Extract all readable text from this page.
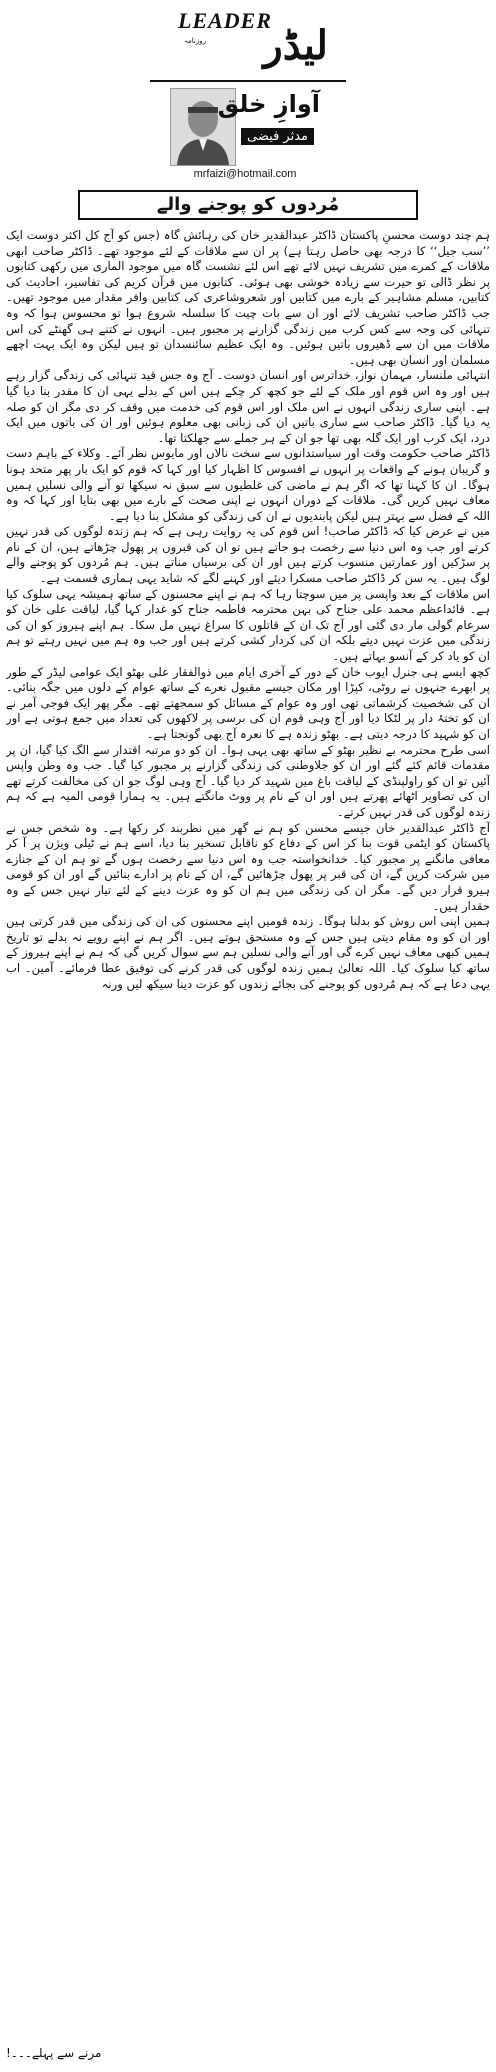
LEADER
روزنامہ	لیڈر
آوازِ خلق
مدثر فیضی
mrfaizi@hotmail.com
مُردوں کو پوجنے والے

ہم چند دوست محسنِ پاکستان ڈاکٹر عبدالقدیر خان کی رہائش گاہ (جس کو آج کل اکثر دوست ایک ’’سب جیل‘‘ کا درجہ بھی حاصل رہتا ہے) پر ان سے ملاقات کے لئے موجود تھے۔ ڈاکٹر صاحب ابھی ملاقات کے کمرے میں تشریف نہیں لائے تھے اس لئے نشست گاہ میں موجود الماری میں رکھی کتابوں پر نظر ڈالی تو حیرت سے زیادہ خوشی بھی ہوئی۔ کتابوں میں قرآن کریم کی تفاسیر، احادیث کی کتابیں، مسلم مشاہیر کے بارے میں کتابیں اور شعروشاعری کی کتابیں وافر مقدار میں موجود تھیں۔ جب ڈاکٹر صاحب تشریف لائے اور ان سے بات چیت کا سلسلہ شروع ہوا تو محسوس ہوا کہ وہ تنہائی کی وجہ سے کس کرب میں زندگی گزارنے پر مجبور ہیں۔ انہوں نے کتنے ہی گھنٹے کی اس ملاقات میں ان سے ڈھیروں باتیں ہوئیں۔ وہ ایک عظیم سائنسدان تو ہیں لیکن وہ ایک بہت اچھے مسلمان اور انسان بھی ہیں۔

انتہائی ملنسار، مہمان نواز، خداترس اور انسان دوست۔ آج وہ جس قید تنہائی کی زندگی گزار رہے ہیں اور وہ اس قوم اور ملک کے لئے جو کچھ کر چکے ہیں اس کے بدلے یہی ان کا مقدر بنا دیا گیا ہے۔ اپنی ساری زندگی انہوں نے اس ملک اور اس قوم کی خدمت میں وقف کر دی مگر ان کو صلہ یہ دیا گیا۔ ڈاکٹر صاحب سے ساری باتیں ان کی زبانی بھی معلوم ہوئیں اور ان کی باتوں میں ایک درد، ایک کرب اور ایک گلہ بھی تھا جو ان کے ہر جملے سے جھلکتا تھا۔

ڈاکٹر صاحب حکومت وقت اور سیاستدانوں سے سخت نالاں اور مایوس نظر آئے۔ وکلاء کے باہم دست و گریبان ہونے کے واقعات پر انہوں نے افسوس کا اظہار کیا اور کہا کہ قوم کو ایک بار پھر متحد ہونا ہوگا۔ ان کا کہنا تھا کہ اگر ہم نے ماضی کی غلطیوں سے سبق نہ سیکھا تو آنے والی نسلیں ہمیں معاف نہیں کریں گی۔ ملاقات کے دوران انہوں نے اپنی صحت کے بارے میں بھی بتایا اور کہا کہ وہ اللہ کے فضل سے بہتر ہیں لیکن پابندیوں نے ان کی زندگی کو مشکل بنا دیا ہے۔

میں نے عرض کیا کہ ڈاکٹر صاحب! اس قوم کی یہ روایت رہی ہے کہ ہم زندہ لوگوں کی قدر نہیں کرتے اور جب وہ اس دنیا سے رخصت ہو جاتے ہیں تو ان کی قبروں پر پھول چڑھاتے ہیں، ان کے نام پر سڑکیں اور عمارتیں منسوب کرتے ہیں اور ان کی برسیاں مناتے ہیں۔ ہم مُردوں کو پوجنے والے لوگ ہیں۔ یہ سن کر ڈاکٹر صاحب مسکرا دیئے اور کہنے لگے کہ شاید یہی ہماری قسمت ہے۔

اس ملاقات کے بعد واپسی پر میں سوچتا رہا کہ ہم نے اپنے محسنوں کے ساتھ ہمیشہ یہی سلوک کیا ہے۔ قائداعظم محمد علی جناح کی بہن محترمہ فاطمہ جناح کو غدار کہا گیا، لیاقت علی خان کو سرعام گولی مار دی گئی اور آج تک ان کے قاتلوں کا سراغ نہیں مل سکا۔ ہم اپنے ہیروز کو ان کی زندگی میں عزت نہیں دیتے بلکہ ان کی کردار کشی کرتے ہیں اور جب وہ ہم میں نہیں رہتے تو ہم ان کو یاد کر کے آنسو بہاتے ہیں۔

کچھ ایسے ہی جنرل ایوب خان کے دور کے آخری ایام میں ذوالفقار علی بھٹو ایک عوامی لیڈر کے طور پر ابھرے جنہوں نے روٹی، کپڑا اور مکان جیسے مقبول نعرے کے ساتھ عوام کے دلوں میں جگہ بنائی۔ ان کی شخصیت کرشماتی تھی اور وہ عوام کے مسائل کو سمجھتے تھے۔ مگر پھر ایک فوجی آمر نے ان کو تختۂ دار پر لٹکا دیا اور آج وہی قوم ان کی برسی پر لاکھوں کی تعداد میں جمع ہوتی ہے اور ان کو شہید کا درجہ دیتی ہے۔ بھٹو زندہ ہے کا نعرہ آج بھی گونجتا ہے۔

اسی طرح محترمہ بے نظیر بھٹو کے ساتھ بھی یہی ہوا۔ ان کو دو مرتبہ اقتدار سے الگ کیا گیا، ان پر مقدمات قائم کئے گئے اور ان کو جلاوطنی کی زندگی گزارنے پر مجبور کیا گیا۔ جب وہ وطن واپس آئیں تو ان کو راولپنڈی کے لیاقت باغ میں شہید کر دیا گیا۔ آج وہی لوگ جو ان کی مخالفت کرتے تھے ان کی تصاویر اٹھائے پھرتے ہیں اور ان کے نام پر ووٹ مانگتے ہیں۔ یہ ہمارا قومی المیہ ہے کہ ہم زندہ لوگوں کی قدر نہیں کرتے۔

آج ڈاکٹر عبدالقدیر خان جیسے محسن کو ہم نے گھر میں نظربند کر رکھا ہے۔ وہ شخص جس نے پاکستان کو ایٹمی قوت بنا کر اس کے دفاع کو ناقابل تسخیر بنا دیا، اسے ہم نے ٹیلی ویژن پر آ کر معافی مانگنے پر مجبور کیا۔ خدانخواستہ جب وہ اس دنیا سے رخصت ہوں گے تو ہم ان کے جنازے میں شرکت کریں گے، ان کی قبر پر پھول چڑھائیں گے، ان کے نام پر ادارے بنائیں گے اور ان کو قومی ہیرو قرار دیں گے۔ مگر ان کی زندگی میں ہم ان کو وہ عزت دینے کے لئے تیار نہیں جس کے وہ حقدار ہیں۔

ہمیں اپنی اس روش کو بدلنا ہوگا۔ زندہ قومیں اپنے محسنوں کی ان کی زندگی میں قدر کرتی ہیں اور ان کو وہ مقام دیتی ہیں جس کے وہ مستحق ہوتے ہیں۔ اگر ہم نے اپنے رویے نہ بدلے تو تاریخ ہمیں کبھی معاف نہیں کرے گی اور آنے والی نسلیں ہم سے سوال کریں گی کہ ہم نے اپنے ہیروز کے ساتھ کیا سلوک کیا۔ اللہ تعالیٰ ہمیں زندہ لوگوں کی قدر کرنے کی توفیق عطا فرمائے۔ آمین۔ اب یہی دعا ہے کہ ہم مُردوں کو پوجنے کی بجائے زندوں کو عزت دینا سیکھ لیں ورنہ

مرنے سے پہلے۔۔۔!
